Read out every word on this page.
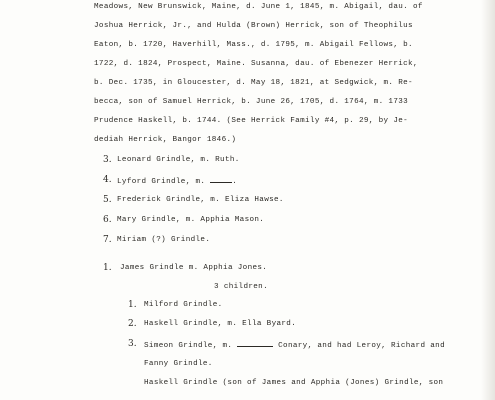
Meadows, New Brunswick, Maine, d. June 1, 1845, m. Abigail, dau. of
Joshua Herrick, Jr., and Hulda (Brown) Herrick, son of Theophilus
Eaton, b. 1720, Haverhill, Mass., d. 1795, m. Abigail Fellows, b.
1722, d. 1824, Prospect, Maine. Susanna, dau. of Ebenezer Herrick,
b. Dec. 1735, in Gloucester, d. May 18, 1821, at Sedgwick, m. Re-
becca, son of Samuel Herrick, b. June 26, 1705, d. 1764, m. 1733
Prudence Haskell, b. 1744. (See Herrick Family #4, p. 29, by Je-
dediah Herrick, Bangor 1846.)
3. Leonard Grindle, m. Ruth.
4. Lyford Grindle, m.	.
5. Frederick Grindle, m. Eliza Hawse.
6. Mary Grindle, m. Apphia Mason.
7. Miriam (?) Grindle.
1. James Grindle m. Apphia Jones.
3 children.
1. Milford Grindle.
2. Haskell Grindle, m. Ella Byard.
3. Simeon Grindle, m.	Conary, and had Leroy, Richard and
Fanny Grindle.
Haskell Grindle (son of James and Apphia (Jones) Grindle, son
